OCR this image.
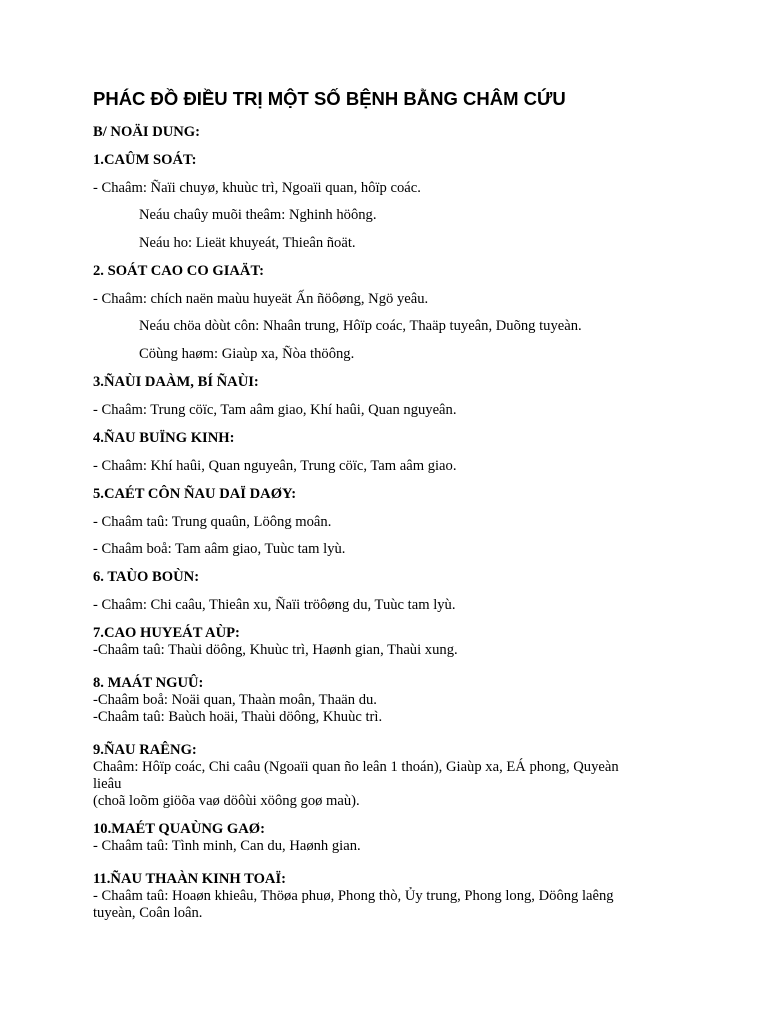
PHÁC ĐỒ ĐIỀU TRỊ MỘT SỐ BỆNH BẰNG CHÂM CỨU
B/ NOÄI DUNG:
1.CAÛM SOÁT:
- Chaâm: Ñaïi chuyø, khuùc trì, Ngoaïi quan, hôïp coác.
Neáu chaûy muõi theâm: Nghinh höông.
Neáu ho: Lieät khuyeát, Thieân ñoät.
2. SOÁT CAO CO GIAÄT:
- Chaâm: chích naën maùu huyeät Ấn ñöôøng, Ngö yeâu.
Neáu chöa dòùt côn: Nhaân trung, Hôïp coác, Thaäp tuyeân, Duõng tuyeàn.
Cöùng haøm: Giaùp xa, Ñòa thöông.
3.ÑAÙI DAÀM, BÍ ÑAÙI:
- Chaâm: Trung cöïc, Tam aâm giao, Khí haûi, Quan nguyeân.
4.ÑAU BUÏNG KINH:
- Chaâm: Khí haûi, Quan nguyeân, Trung cöïc, Tam aâm giao.
5.CAÉT CÔN ÑAU DAÏ DAØY:
- Chaâm taû: Trung quaûn, Löông moân.
- Chaâm boå: Tam aâm giao, Tuùc tam lyù.
6. TAÙO BOÙN:
- Chaâm: Chi caâu, Thieân xu, Ñaïi tröôøng du, Tuùc tam lyù.
7.CAO HUYEÁT AÙP:
-Chaâm taû: Thaùi döông, Khuùc trì, Haønh gian, Thaùi xung.
8. MAÁT NGUÛ:
-Chaâm boå: Noäi quan, Thaàn moân, Thaän du.
-Chaâm taû: Baùch hoäi, Thaùi döông, Khuùc trì.
9.ÑAU RAÊNG:
Chaâm: Hôïp coác, Chi caâu (Ngoaïi quan ño leân 1 thoán), Giaùp xa, EÁ phong, Quyeàn
lieâu
(choã loõm giöõa vaø döôùi xöông goø maù).
10.MAÉT QUAÙNG GAØ:
- Chaâm taû: Tình minh, Can du, Haønh gian.
11.ÑAU THAÀN KINH TOAÏ:
- Chaâm taû: Hoaøn khieâu, Thöøa phuø, Phong thò, Ủy trung, Phong long, Döông laêng
tuyeàn, Coân loân.
